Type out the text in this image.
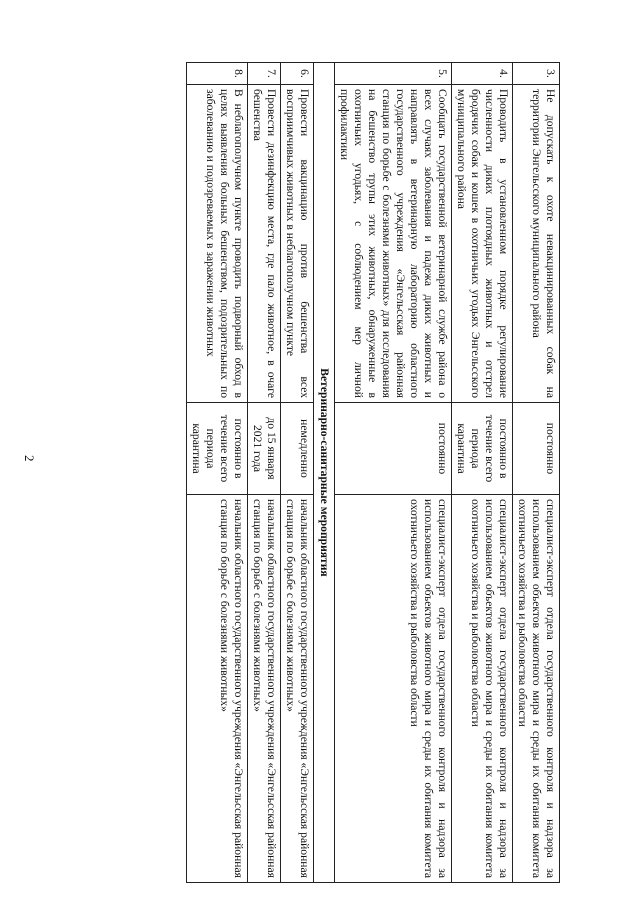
2
3.	Не допускать к охоте невакцинированных собак на территории Энгельсского муниципального района	постоянно	специалист-эксперт отдела государственного контроля и надзора за использованием объектов животного мира и среды их обитания комитета охотничьего хозяйства и рыболовства области
4.	Проводить в установленном порядке регулирование численности диких плотоядных животных и отстрел бродячих собак и кошек в охотничьих угодьях Энгельсского муниципального района	постоянно в течение всего периода карантина	специалист-эксперт отдела государственного контроля и надзора за использованием объектов животного мира и среды их обитания комитета охотничьего хозяйства и рыболовства области
5.	Сообщать государственной ветеринарной службе района о всех случаях заболевания и падежа диких животных и направлять в ветеринарную лабораторию областного государственного учреждения «Энгельсская районная станция по борьбе с болезнями животных» для исследования на бешенство трупы этих животных, обнаруженные в охотничьих угодьях, с соблюдением мер личной профилактики	постоянно	специалист-эксперт отдела государственного контроля и надзора за использованием объектов животного мира и среды их обитания комитета охотничьего хозяйства и рыболовства области
Ветеринарно-санитарные мероприятия			
6.	Провести вакцинацию против бешенства всех восприимчивых животных в неблагополучном пункте	немедленно	начальник областного государственного учреждения «Энгельсская районная станция по борьбе с болезнями животных»
7.	Провести дезинфекцию места, где пало животное, в очаге бешенства	до 15 января 2021 года	начальник областного государственного учреждения «Энгельсская районная станция по борьбе с болезнями животных»
8.	В неблагополучном пункте проводить подворный обход в целях выявления больных бешенством, подозрительных по заболеванию и подозреваемых в заражении животных	постоянно в течение всего периода карантина	начальник областного государственного учреждения «Энгельсская районная станция по борьбе с болезнями животных»
